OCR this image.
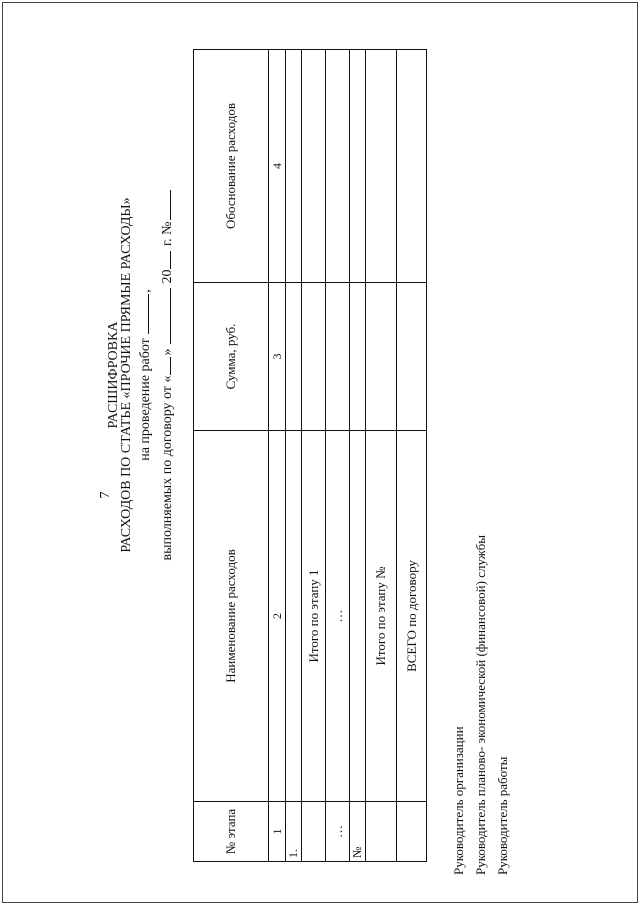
7
РАСШИФРОВКА
РАСХОДОВ ПО СТАТЬЕ «ПРОЧИЕ ПРЯМЫЕ РАСХОДЫ» на проведение работ ,
выполняемых по договору от «»  20 г. №
№ этапа	Наименование расходов	Сумма, руб.	Обоснование расходов
1	2	3	4
1.			
	Итого по этапу 1		
…	…		
№			
	Итого по этапу №		
	ВСЕГО по договору		
Руководитель организации Руководитель планово- экономической (финансовой) службы Руководитель работы
